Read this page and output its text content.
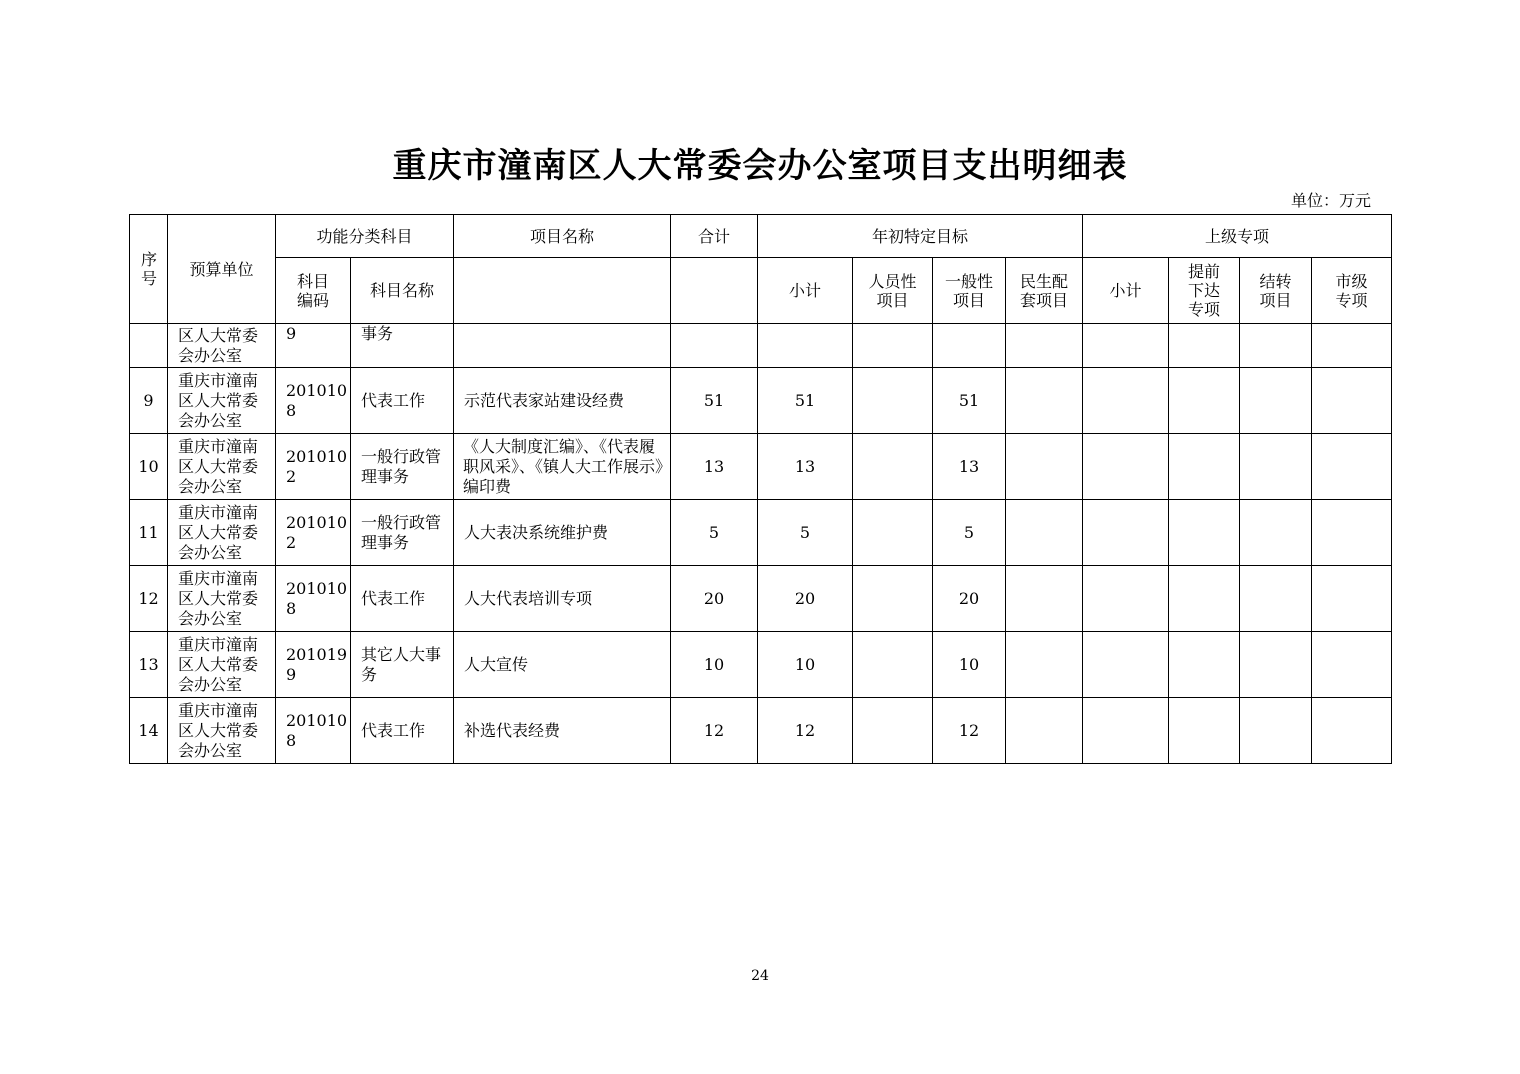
重庆市潼南区人大常委会办公室项目支出明细表
单位：万元
序号	预算单位	功能分类科目		项目名称	合计	年初特定目标				上级专项			
		科目编码	科目名称			小计	人员性项目	一般性项目	民生配套项目	小计	提前下达专项	结转项目	市级专项
	区人大常委会办公室	9	事务										
9	重庆市潼南区人大常委会办公室	2010108	代表工作	示范代表家站建设经费	51	51		51					
10	重庆市潼南区人大常委会办公室	2010102	一般行政管理事务	《人大制度汇编》、《代表履职风采》、《镇人大工作展示》编印费	13	13		13					
11	重庆市潼南区人大常委会办公室	2010102	一般行政管理事务	人大表决系统维护费	5	5		5					
12	重庆市潼南区人大常委会办公室	2010108	代表工作	人大代表培训专项	20	20		20					
13	重庆市潼南区人大常委会办公室	2010199	其它人大事务	人大宣传	10	10		10					
14	重庆市潼南区人大常委会办公室	2010108	代表工作	补选代表经费	12	12		12					
24
